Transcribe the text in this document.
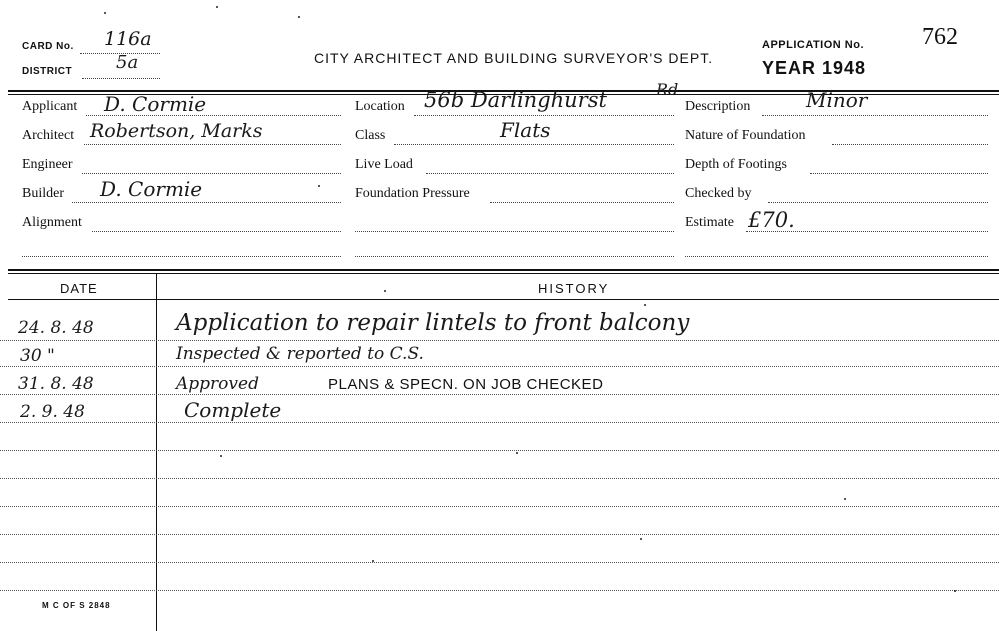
CARD No. 116a
DISTRICT 5a	CITY ARCHITECT AND BUILDING SURVEYOR'S DEPT.
APPLICATION No. 762
YEAR 1948
Applicant D. Cormie
Architect Robertson, Marks
Engineer
Builder D. Cormie
Alignment
Location 56b Darlinghurst	Rd
Class	Flats
Live Load
Foundation Pressure
Description	Minor
Nature of Foundation
Depth of Footings
Checked by
Estimate £70.
DATE	HISTORY
24. 8. 48	Application to repair lintels to front balcony
30 "	Inspected & reported to C.S.
31. 8. 48	Approved	PLANS & SPECN. ON JOB CHECKED
2. 9. 48	Complete
M C OF S 2848
